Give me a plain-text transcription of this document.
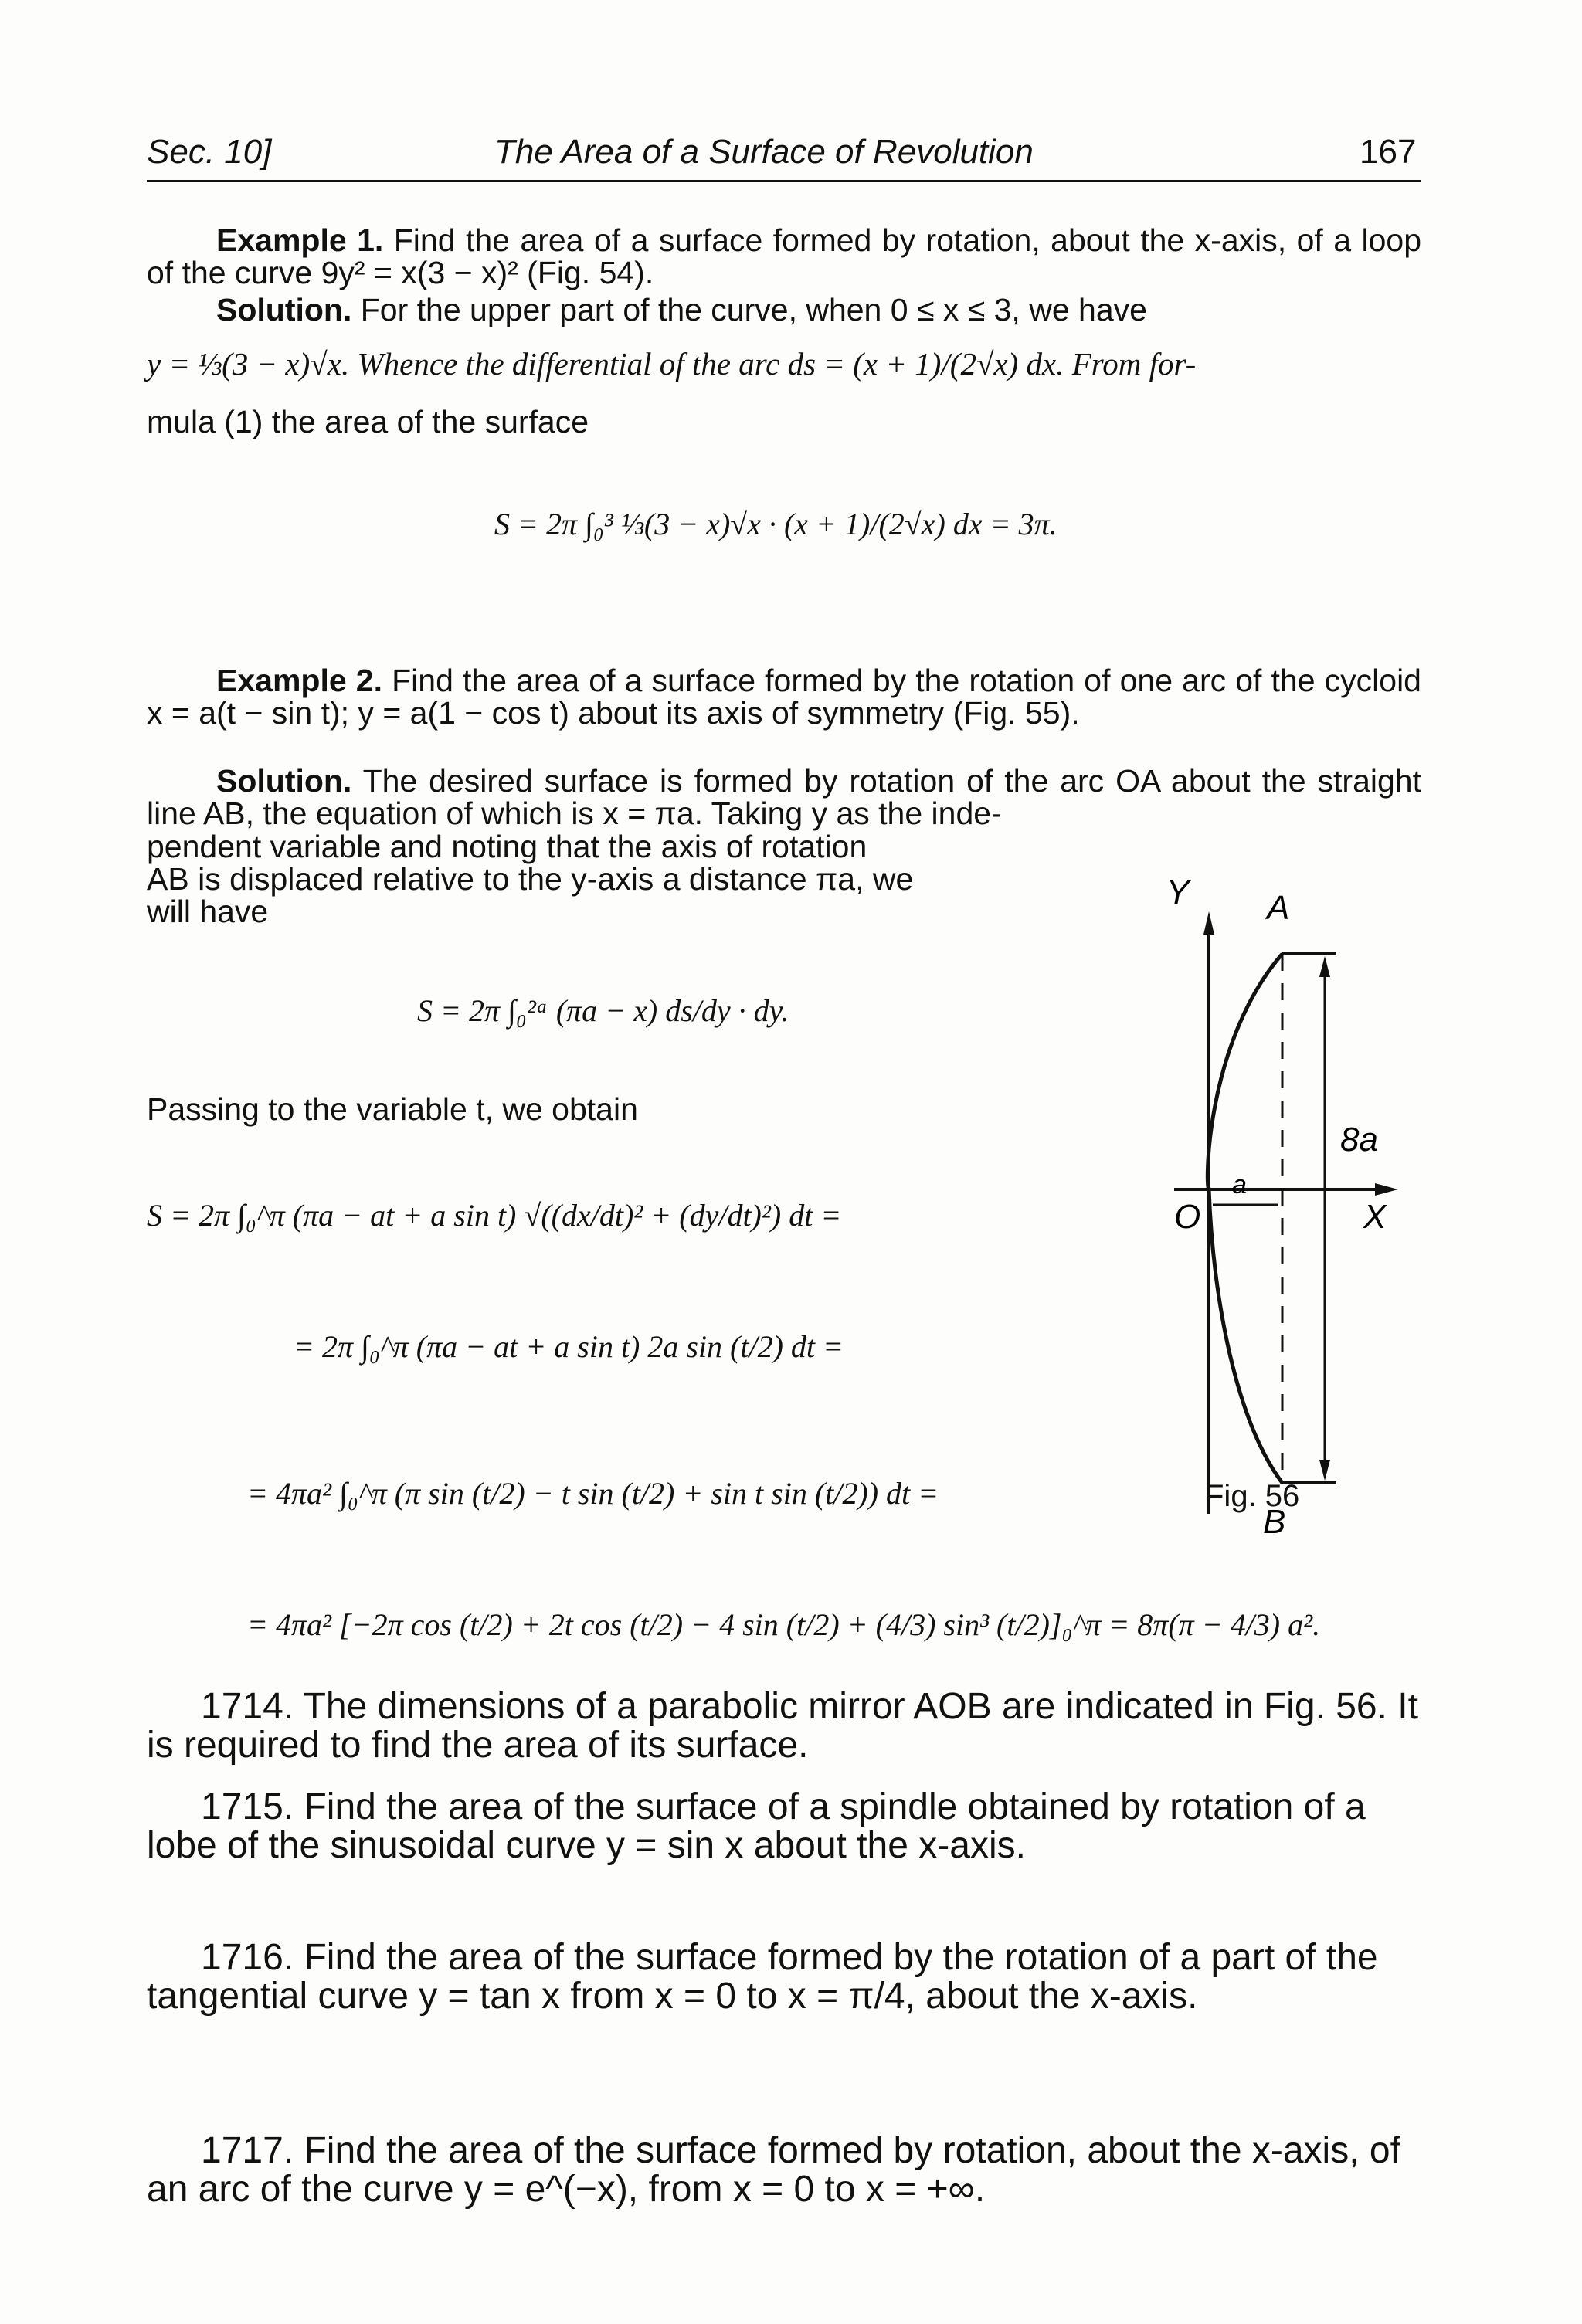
Sec. 10]	The Area of a Surface of Revolution	167
Example 1. Find the area of a surface formed by rotation, about the x-axis, of a loop of the curve 9y² = x(3 − x)² (Fig. 54).
Solution. For the upper part of the curve, when 0 ≤ x ≤ 3, we have
y = ⅓(3 − x)√x. Whence the differential of the arc ds = (x + 1)/(2√x) dx. From for-
mula (1) the area of the surface
S = 2π ∫₀³ ⅓(3 − x)√x · (x + 1)/(2√x) dx = 3π.
Example 2. Find the area of a surface formed by the rotation of one arc of the cycloid x = a(t − sin t); y = a(1 − cos t) about its axis of symmetry (Fig. 55).
Solution. The desired surface is formed by rotation of the arc OA about the straight line AB, the equation of which is x = πa. Taking y as the inde-
pendent variable and noting that the axis of rotation
AB is displaced relative to the y-axis a distance πa, we
will have
S = 2π ∫₀²ᵃ (πa − x) ds/dy · dy.
Passing to the variable t, we obtain
S = 2π ∫₀^π (πa − at + a sin t) √((dx/dt)² + (dy/dt)²) dt =
= 2π ∫₀^π (πa − at + a sin t) 2a sin (t/2) dt =
= 4πa² ∫₀^π (π sin (t/2) − t sin (t/2) + sin t sin (t/2)) dt =
= 4πa² [−2π cos (t/2) + 2t cos (t/2) − 4 sin (t/2) + (4/3) sin³ (t/2)]₀^π = 8π(π − 4/3) a².
Y A
B
O	X
8a
a
Fig. 56
1714. The dimensions of a parabolic mirror AOB are indicated in Fig. 56. It is required to find the area of its surface.
1715. Find the area of the surface of a spindle obtained by rotation of a lobe of the sinusoidal curve y = sin x about the x-axis.
1716. Find the area of the surface formed by the rotation of a part of the tangential curve y = tan x from x = 0 to x = π/4, about the x-axis.
1717. Find the area of the surface formed by rotation, about the x-axis, of an arc of the curve y = e^(−x), from x = 0 to x = +∞.
